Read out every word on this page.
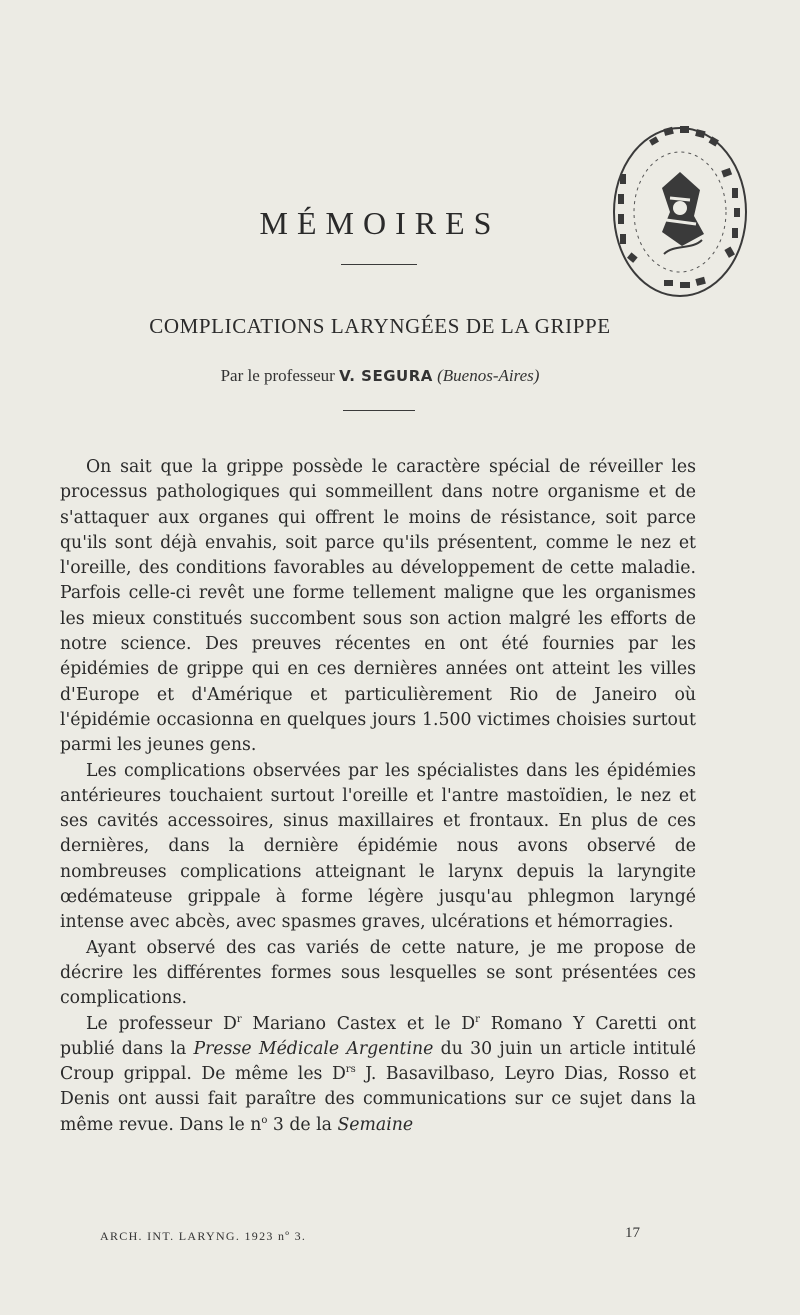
MÉMOIRES
COMPLICATIONS LARYNGÉES DE LA GRIPPE
Par le professeur V. SEGURA (Buenos-Aires)

On sait que la grippe possède le caractère spécial de réveiller les processus pathologiques qui sommeillent dans notre organisme et de s'attaquer aux organes qui offrent le moins de résistance, soit parce qu'ils sont déjà envahis, soit parce qu'ils présentent, comme le nez et l'oreille, des conditions favorables au développement de cette maladie. Parfois celle-ci revêt une forme tellement maligne que les organismes les mieux constitués succombent sous son action malgré les efforts de notre science. Des preuves récentes en ont été fournies par les épidémies de grippe qui en ces dernières années ont atteint les villes d'Europe et d'Amérique et particulièrement Rio de Janeiro où l'épidémie occasionna en quelques jours 1.500 victimes choisies surtout parmi les jeunes gens.

Les complications observées par les spécialistes dans les épidémies antérieures touchaient surtout l'oreille et l'antre mastoïdien, le nez et ses cavités accessoires, sinus maxillaires et frontaux. En plus de ces dernières, dans la dernière épidémie nous avons observé de nombreuses complications atteignant le larynx depuis la laryngite œdémateuse grippale à forme légère jusqu'au phlegmon laryngé intense avec abcès, avec spasmes graves, ulcérations et hémorragies.

Ayant observé des cas variés de cette nature, je me propose de décrire les différentes formes sous lesquelles se sont présentées ces complications.

Le professeur $D^r$ Mariano Castex et le $D^r$ Romano Y Caretti ont publié dans la Presse Médicale Argentine du 30 juin un article intitulé Croup grippal. De même les $D^{rs}$ J. Basavilbaso, Leyro Dias, Rosso et Denis ont aussi fait paraître des communications sur ce sujet dans la même revue. Dans le $n^o$ 3 de la Semaine

ARCH. INT. LARYNG. 1923 nº 3.	17
